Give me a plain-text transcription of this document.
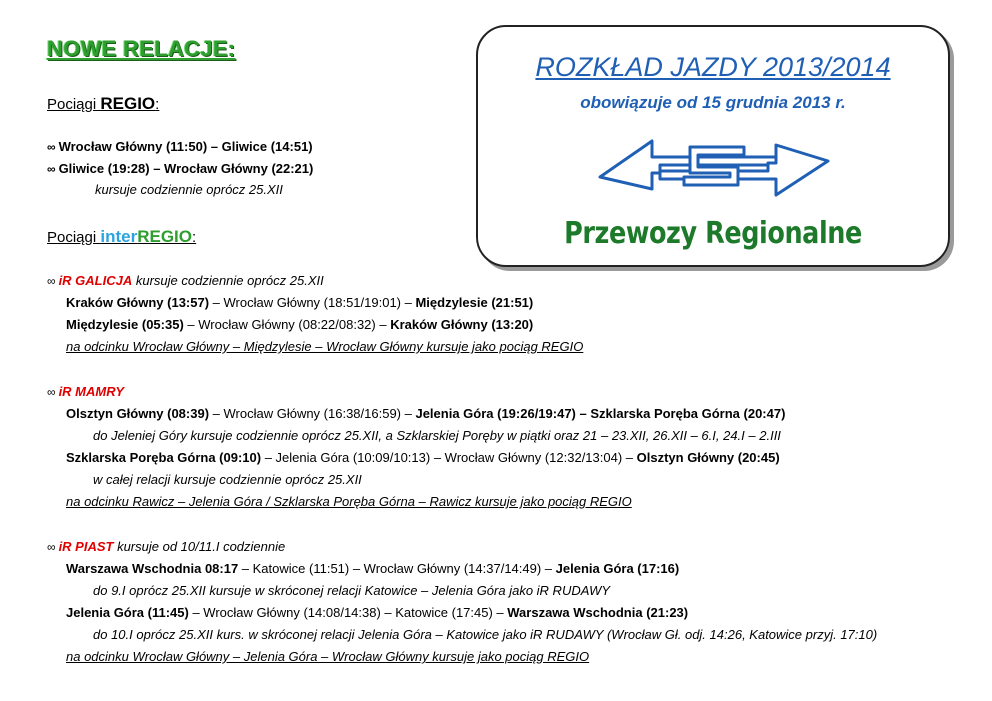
NOWE RELACJE:
Pociągi REGIO:
∞ Wrocław Główny (11:50) – Gliwice (14:51)
∞ Gliwice (19:28) – Wrocław Główny (22:21)
kursuje codziennie oprócz 25.XII
Pociągi interREGIO:
∞ iR GALICJA kursuje codziennie oprócz 25.XII
Kraków Główny (13:57) – Wrocław Główny (18:51/19:01) – Międzylesie (21:51)
Międzylesie (05:35) – Wrocław Główny (08:22/08:32) – Kraków Główny (13:20)
na odcinku Wrocław Główny – Międzylesie – Wrocław Główny kursuje jako pociąg REGIO
∞ iR MAMRY
Olsztyn Główny (08:39) – Wrocław Główny (16:38/16:59) – Jelenia Góra (19:26/19:47) – Szklarska Poręba Górna (20:47)
do Jeleniej Góry kursuje codziennie oprócz 25.XII, a Szklarskiej Poręby w piątki oraz 21 – 23.XII, 26.XII – 6.I, 24.I – 2.III
Szklarska Poręba Górna (09:10) – Jelenia Góra (10:09/10:13) – Wrocław Główny (12:32/13:04) – Olsztyn Główny (20:45)
w całej relacji kursuje codziennie oprócz 25.XII
na odcinku Rawicz – Jelenia Góra / Szklarska Poręba Górna – Rawicz kursuje jako pociąg REGIO
∞ iR PIAST kursuje od 10/11.I codziennie
Warszawa Wschodnia 08:17 – Katowice (11:51) – Wrocław Główny (14:37/14:49) – Jelenia Góra (17:16)
do 9.I oprócz 25.XII kursuje w skróconej relacji Katowice – Jelenia Góra jako iR RUDAWY
Jelenia Góra (11:45) – Wrocław Główny (14:08/14:38) – Katowice (17:45) – Warszawa Wschodnia (21:23)
do 10.I oprócz 25.XII kurs. w skróconej relacji Jelenia Góra – Katowice jako iR RUDAWY (Wrocław Gł. odj. 14:26, Katowice przyj. 17:10)
na odcinku Wrocław Główny – Jelenia Góra – Wrocław Główny kursuje jako pociąg REGIO
ROZKŁAD JAZDY 2013/2014
obowiązuje od 15 grudnia 2013 r.
Przewozy Regionalne
